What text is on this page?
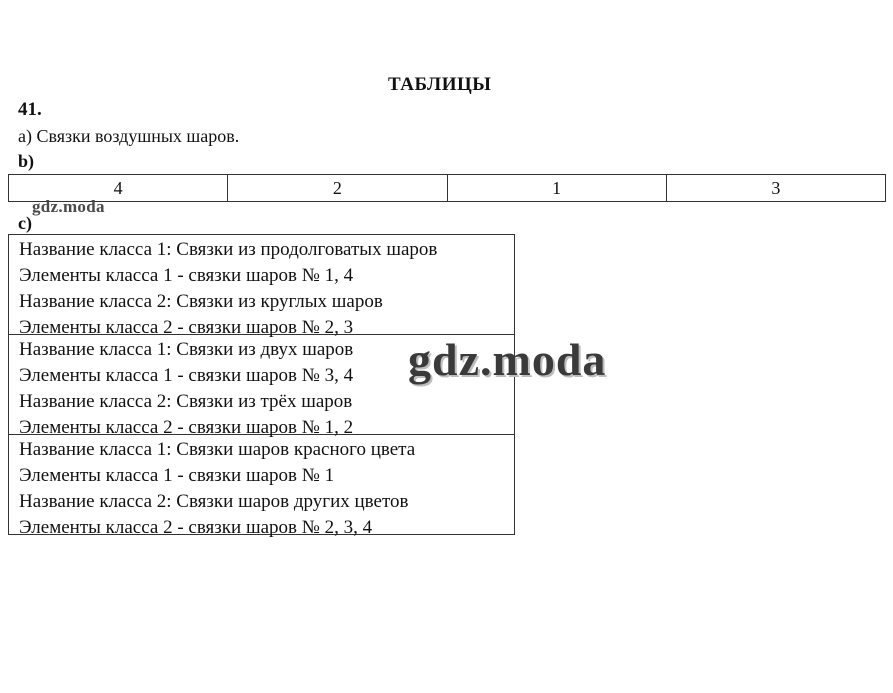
ТАБЛИЦЫ
41.
а) Связки воздушных шаров.
b)
4	2	1	3
gdz.moda
c)
Название класса 1: Связки из продолговатых шаров
Элементы класса 1 - связки шаров № 1, 4
Название класса 2: Связки из круглых шаров
Элементы класса 2 - связки шаров № 2, 3
Название класса 1: Связки из двух шаров
Элементы класса 1 - связки шаров № 3, 4
Название класса 2: Связки из трёх шаров
Элементы класса 2 - связки шаров № 1, 2
Название класса 1: Связки шаров красного цвета
Элементы класса 1 - связки шаров № 1
Название класса 2: Связки шаров других цветов
Элементы класса 2 - связки шаров № 2, 3, 4
gdz.moda
